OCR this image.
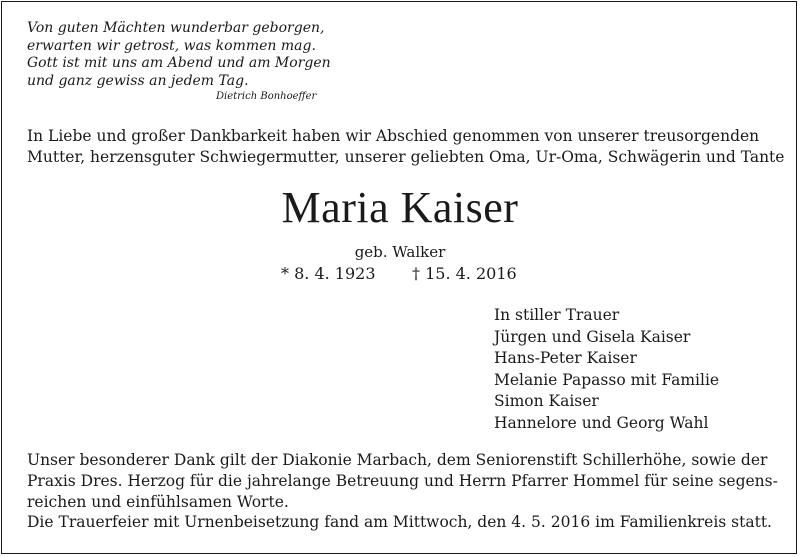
Von guten Mächten wunderbar geborgen,
erwarten wir getrost, was kommen mag.
Gott ist mit uns am Abend und am Morgen
und ganz gewiss an jedem Tag.
Dietrich Bonhoeffer
In Liebe und großer Dankbarkeit haben wir Abschied genommen von unserer treusorgenden
Mutter, herzensguter Schwiegermutter, unserer geliebten Oma, Ur-Oma, Schwägerin und Tante
Maria Kaiser
geb. Walker
* 8. 4. 1923 † 15. 4. 2016
In stiller Trauer
Jürgen und Gisela Kaiser
Hans-Peter Kaiser
Melanie Papasso mit Familie
Simon Kaiser
Hannelore und Georg Wahl
Unser besonderer Dank gilt der Diakonie Marbach, dem Seniorenstift Schillerhöhe, sowie der
Praxis Dres. Herzog für die jahrelange Betreuung und Herrn Pfarrer Hommel für seine segens-
reichen und einfühlsamen Worte.
Die Trauerfeier mit Urnenbeisetzung fand am Mittwoch, den 4. 5. 2016 im Familienkreis statt.
